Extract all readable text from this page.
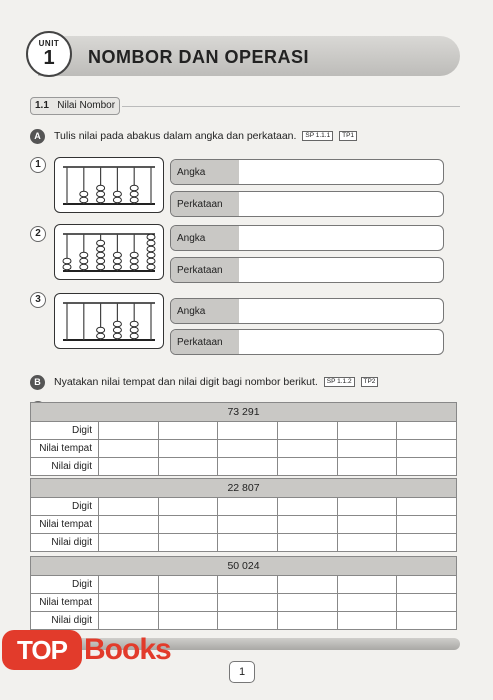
UNIT
1	NOMBOR DAN OPERASI
1.1 Nilai Nombor
A	Tulis nilai pada abakus dalam angka dan perkataan. SP 1.1.1 TP1
1
Angka
Perkataan
2	Angka
Perkataan
3
Angka
Perkataan
B	Nyatakan nilai tempat dan nilai digit bagi nombor berikut. SP 1.1.2 TP2
73 291						
Digit						
Nilai tempat						
Nilai digit						
22 807						
Digit						
Nilai tempat						
Nilai digit						
50 024						
Digit						
Nilai tempat						
Nilai digit						
1
TOP Books
